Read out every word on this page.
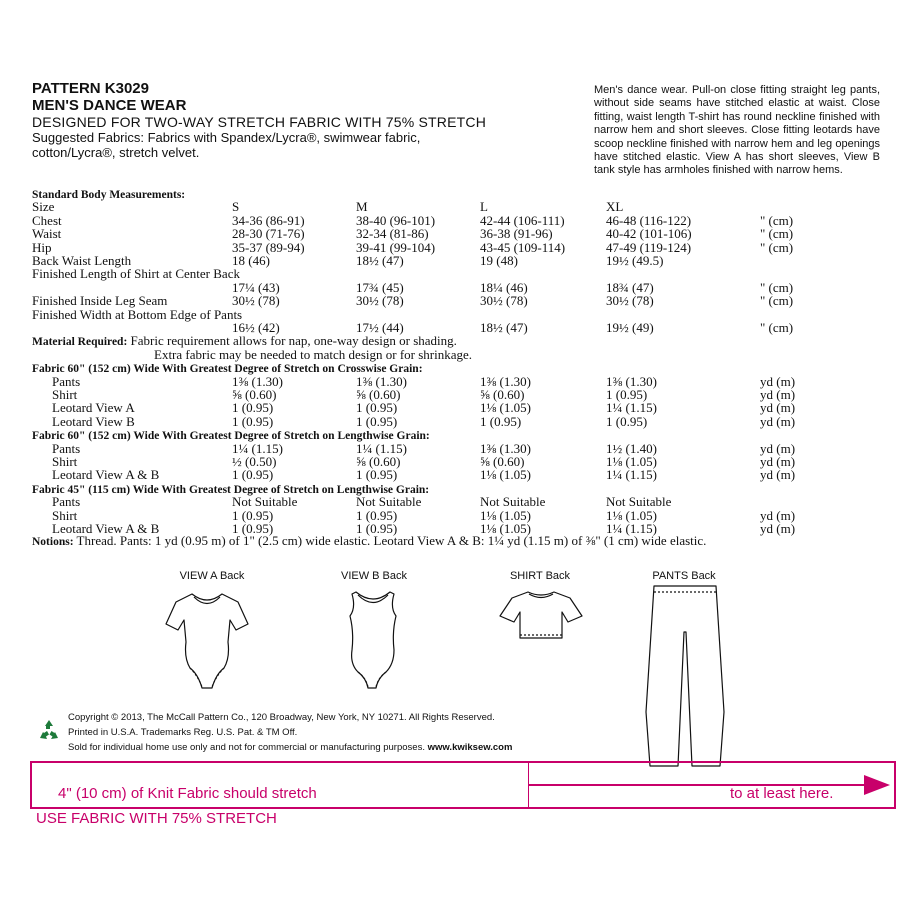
PATTERN K3029
MEN'S DANCE WEAR
DESIGNED FOR TWO-WAY STRETCH FABRIC WITH 75% STRETCH
Suggested Fabrics: Fabrics with Spandex/Lycra®, swimwear fabric,
cotton/Lycra®, stretch velvet.
Men's dance wear. Pull-on close fitting straight leg pants, without side seams have stitched elastic at waist. Close fitting, waist length T-shirt has round neckline finished with narrow hem and short sleeves. Close fitting leotards have scoop neckline finished with narrow hem and leg openings have stitched elastic. View A has short sleeves, View B tank style has armholes finished with narrow hems.
Standard Body Measurements:
Size	S	M	L	XL
Chest	34-36 (86-91)	38-40 (96-101)	42-44 (106-111)	46-48 (116-122)	" (cm)
Waist	28-30 (71-76)	32-34 (81-86)	36-38 (91-96)	40-42 (101-106)	" (cm)
Hip	35-37 (89-94)	39-41 (99-104)	43-45 (109-114)	47-49 (119-124)	" (cm)
Back Waist Length	18 (46)	18½ (47)	19 (48)	19½ (49.5)
Finished Length of Shirt at Center Back
17¼ (43)	17¾ (45)	18¼ (46)	18¾ (47)	" (cm)
Finished Inside Leg Seam	30½ (78)	30½ (78)	30½ (78)	30½ (78)	" (cm)
Finished Width at Bottom Edge of Pants
16½ (42)	17½ (44)	18½ (47)	19½ (49)	" (cm)
Material Required: Fabric requirement allows for nap, one-way design or shading.
Extra fabric may be needed to match design or for shrinkage.
Fabric 60" (152 cm) Wide With Greatest Degree of Stretch on Crosswise Grain:
Pants	1⅜ (1.30)	1⅜ (1.30)	1⅜ (1.30)	1⅜ (1.30)	yd (m)
Shirt	⅝ (0.60)	⅝ (0.60)	⅝ (0.60)	1 (0.95)	yd (m)
Leotard View A	1 (0.95)	1 (0.95)	1⅛ (1.05)	1¼ (1.15)	yd (m)
Leotard View B	1 (0.95)	1 (0.95)	1 (0.95)	1 (0.95)	yd (m)
Fabric 60" (152 cm) Wide With Greatest Degree of Stretch on Lengthwise Grain:
Pants	1¼ (1.15)	1¼ (1.15)	1⅜ (1.30)	1½ (1.40)	yd (m)
Shirt	½ (0.50)	⅝ (0.60)	⅝ (0.60)	1⅛ (1.05)	yd (m)
Leotard View A & B	1 (0.95)	1 (0.95)	1⅛ (1.05)	1¼ (1.15)	yd (m)
Fabric 45" (115 cm) Wide With Greatest Degree of Stretch on Lengthwise Grain:
Pants	Not Suitable	Not Suitable	Not Suitable	Not Suitable
Shirt	1 (0.95)	1 (0.95)	1⅛ (1.05)	1⅛ (1.05)	yd (m)
Leotard View A & B	1 (0.95)	1 (0.95)	1⅛ (1.05)	1¼ (1.15)	yd (m)
Notions: Thread. Pants: 1 yd (0.95 m) of 1" (2.5 cm) wide elastic. Leotard View A & B: 1¼ yd (1.15 m) of ⅜" (1 cm) wide elastic.
VIEW A Back	VIEW B Back	SHIRT Back	PANTS Back
Copyright © 2013, The McCall Pattern Co., 120 Broadway, New York, NY 10271. All Rights Reserved.
Printed in U.S.A. Trademarks Reg. U.S. Pat. & TM Off.
Sold for individual home use only and not for commercial or manufacturing purposes. www.kwiksew.com
4" (10 cm) of Knit Fabric should stretch	to at least here.
USE FABRIC WITH 75% STRETCH
